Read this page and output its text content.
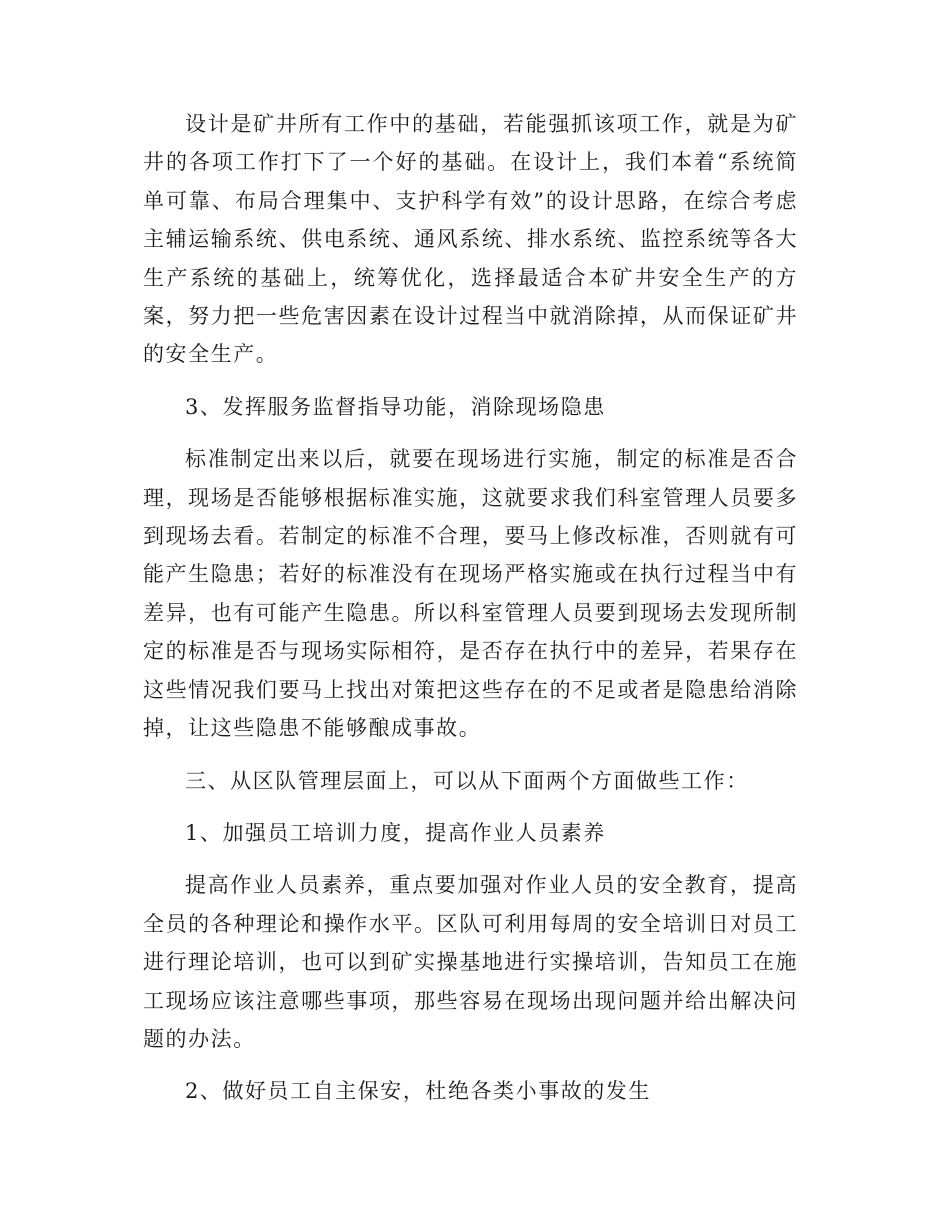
设计是矿井所有工作中的基础，若能强抓该项工作，就是为矿井的各项工作打下了一个好的基础。在设计上，我们本着“系统简单可靠、布局合理集中、支护科学有效”的设计思路，在综合考虑主辅运输系统、供电系统、通风系统、排水系统、监控系统等各大生产系统的基础上，统筹优化，选择最适合本矿井安全生产的方案，努力把一些危害因素在设计过程当中就消除掉，从而保证矿井的安全生产。

3、发挥服务监督指导功能，消除现场隐患

标准制定出来以后，就要在现场进行实施，制定的标准是否合理，现场是否能够根据标准实施，这就要求我们科室管理人员要多到现场去看。若制定的标准不合理，要马上修改标准，否则就有可能产生隐患；若好的标准没有在现场严格实施或在执行过程当中有差异，也有可能产生隐患。所以科室管理人员要到现场去发现所制定的标准是否与现场实际相符，是否存在执行中的差异，若果存在这些情况我们要马上找出对策把这些存在的不足或者是隐患给消除掉，让这些隐患不能够酿成事故。

三、从区队管理层面上，可以从下面两个方面做些工作：

1、加强员工培训力度，提高作业人员素养

提高作业人员素养，重点要加强对作业人员的安全教育，提高全员的各种理论和操作水平。区队可利用每周的安全培训日对员工进行理论培训，也可以到矿实操基地进行实操培训，告知员工在施工现场应该注意哪些事项，那些容易在现场出现问题并给出解决问题的办法。

2、做好员工自主保安，杜绝各类小事故的发生
